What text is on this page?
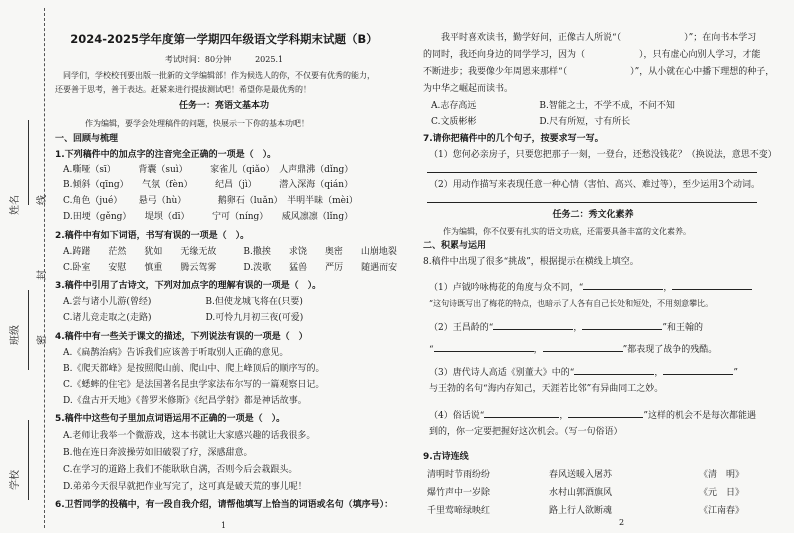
姓名
班级
学校
线
封
密
2024-2025学年度第一学期四年级语文学科期末试题（B）
考试时间：80分钟　　　2025.1
同学们，学校校刊要出版一批新的文学编辑部！作为候选人的你，不仅要有优秀的能力，
还要善于思考，善于表达。赶紧来进行提拔测试吧！希望你是最优秀的！
任务一：亮语文基本功
作为编辑，要学会处理稿件的问题，快展示一下你的基本功吧！
一、回顾与梳理
1.下列稿件中的加点字的注音完全正确的一项是（　）。
A.嘶哑（sī）　　　背囊（suì）　　　家雀儿（qiǎo）　人声鼎沸（dǐng）
B.倾斜（qīng）　　气氛（fèn）　　　纪昌（jì）　　　潜入深海（qián）
C.角色（jué）　　 悬弓（hù）　　　　鹅卵石（luǎn）　半明半昧（mèi）
D.田埂（gěng）　　堤坝（dī）　　　宁可（níng）　　威风凛凛（lǐng）
2.稿件中有如下词语，书写有误的一项是（　）。
A.踌躇　　茫然　　犹如　　无缘无故　　　B.撒挨　　求饶　　奥密　　山崩地裂
C.卧室　　安慰　　慎重　　腾云驾雾　　　D.泼歌　　猛兽　　严厉　　随遇而安
3.稿件中引用了古诗文，下列对加点字的理解有误的一项是（　）。
A.尝与诸小儿游(曾经)　　　　　　B.但使龙城飞将在(只要)
C.诸儿竞走取之(走路)　　　　　　D.可怜九月初三夜(可爱)
4.稿件中有一些关于课文的描述，下列说法有误的一项是（　）
A.《扁鹊治病》告诉我们应该善于听取别人正确的意见。
B.《爬天都峰》是按照爬山前、爬山中、爬上峰顶后的顺序写的。
C.《蟋蟀的住宅》是法国著名昆虫学家法布尔写的一篇观察日记。
D.《盘古开天地》《普罗米修斯》《纪昌学射》都是神话故事。
5.稿件中这些句子里加点词语运用不正确的一项是（　）。
A.老师让我举一个微游戏，这本书就让大家感兴趣的话我很多。
B.他在连日奔波操劳如旧破裂了疗，深感甜意。
C.在学习的道路上我们不能耿耿自满，否则今后会栽跟头。
D.弟弟今天很早就把作业写完了，这可真是破天荒的事儿呢！
6.卫哲同学的投稿中，有一段自我介绍，请帮他填写上恰当的词语或名句（填序号）：
1
　　我平时喜欢读书，勤学好问，正像古人所说“（　　　　　　　）”；在向书本学习
的同时，我还向身边的同学学习，因为（　　　　　　），只有虚心向别人学习，才能
不断进步；我要像少年周恩来那样“（　　　　　　　）”，从小就在心中播下理想的种子，
为中华之崛起而读书。
A.志存高远　　　　　　　B.智能之士，不学不成，不问不知
C.文质彬彬　　　　　　　D.尺有所短，寸有所长
7.请你把稿件中的几个句子，按要求写一写。
（1）您何必亲房子，只要您把那子一刻，一登台，还愁没钱花？（换说法，意思不变）
（2）用动作描写来表现任意一种心情（害怕、高兴、难过等），至少运用3个动词。
任务二：秀文化素养
作为编辑，你不仅要有扎实的语文功底，还需要具备丰富的文化素养。
二、积累与运用
8.稿件中出现了很多“挑战”，根据提示在横线上填空。
（1）卢钺吟咏梅花的角度与众不同，“	，
”这句诗既写出了梅花的特点，也暗示了人各有自己长处和短处，不用刻意攀比。
（2）王昌龄的“	，	”和王翰的
“	，	”都表现了战争的残酷。
（3）唐代诗人高适《别董大》中的“	，	”
与王勃的名句“海内存知己，天涯若比邻”有异曲同工之妙。
（4）俗话说“	，	”这样的机会不是每次都能遇
到的，你一定要把握好这次机会。（写一句俗语）
9.古诗连线
清明时节雨纷纷	春风送暖入屠苏	《清　明》
爆竹声中一岁除	水村山郭酒旗风	《元　日》
千里莺啼绿映红	路上行人欲断魂	《江南春》
2
